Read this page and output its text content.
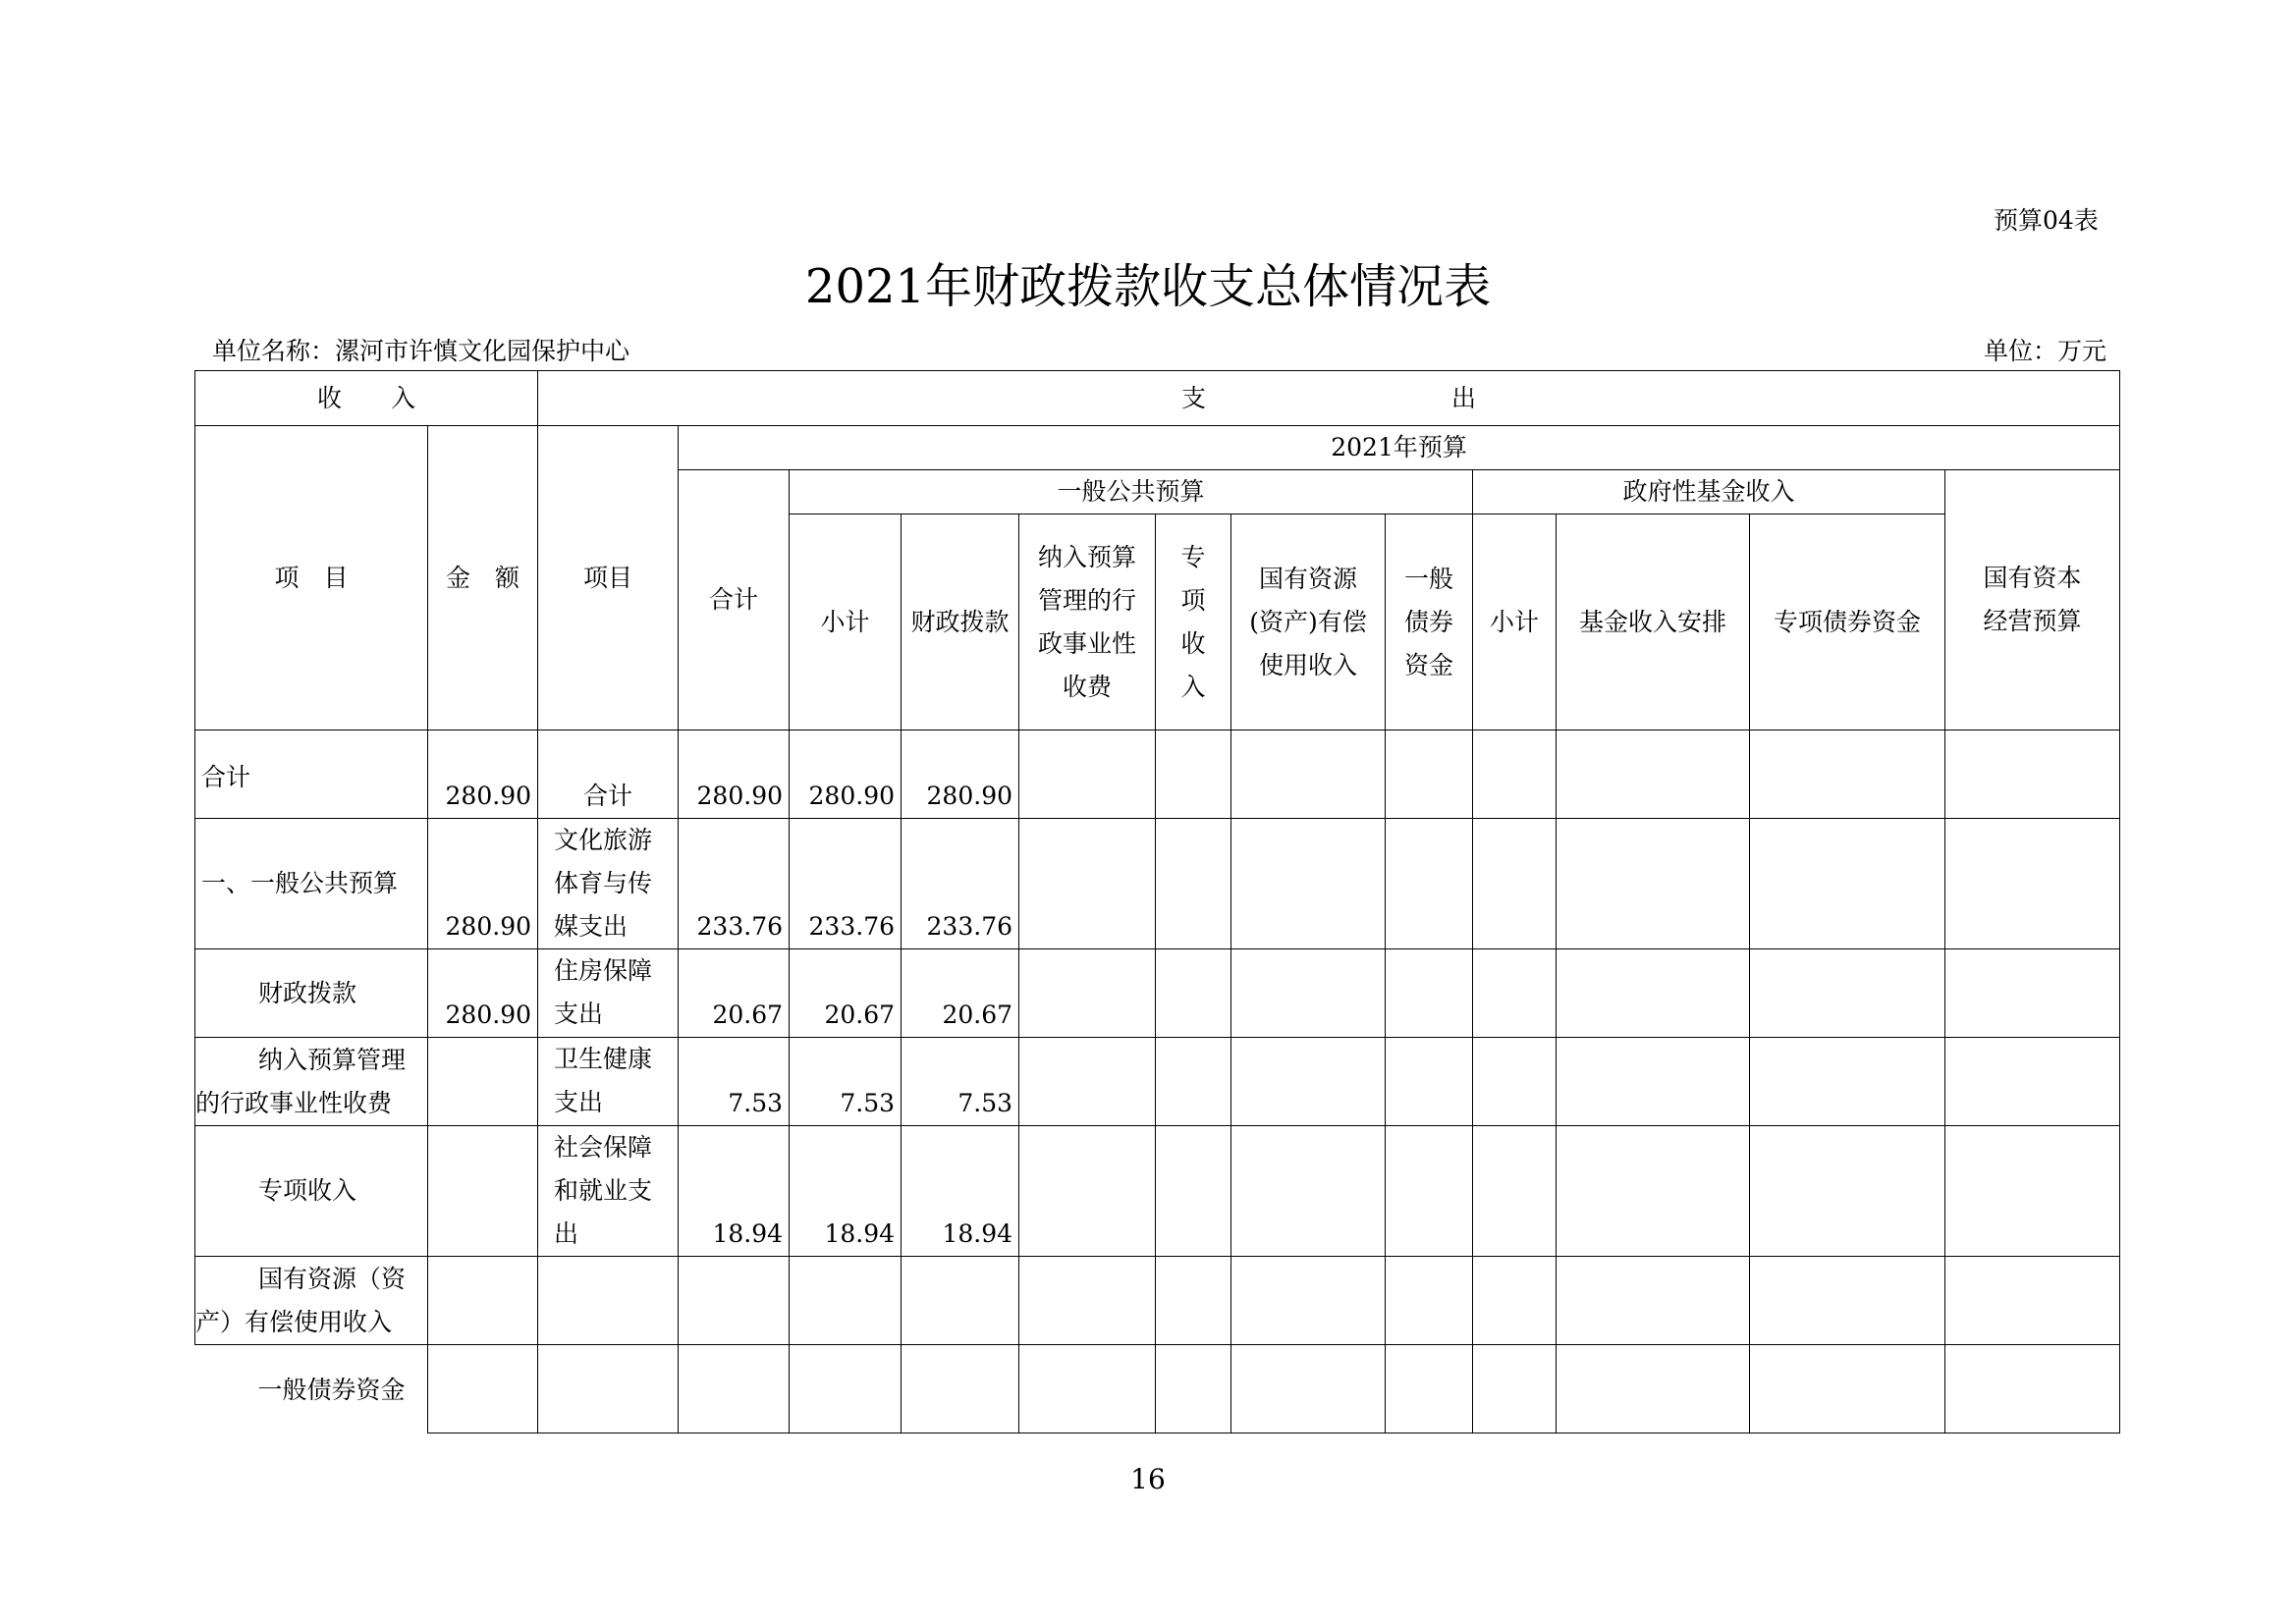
预算04表
2021年财政拨款收支总体情况表
单位名称：漯河市许慎文化园保护中心	单位：万元
收　　入		支　　　　　　　　　　出											
项　目	金　额	项目	2021年预算										
			合计	一般公共预算						政府性基金收入			国有资本经营预算
				小计	财政拨款	纳入预算管理的行政事业性收费	专项收入	国有资源(资产)有偿使用收入	一般债券资金	小计	基金收入安排	专项债券资金	

合计	280.90	合计	280.90	280.90	280.90								
一、一般公共预算	280.90	文化旅游体育与传媒支出	233.76	233.76	233.76								
财政拨款	280.90	住房保障支出	20.67	20.67	20.67								
纳入预算管理的行政事业性收费		卫生健康支出	7.53	7.53	7.53								
专项收入		社会保障和就业支出	18.94	18.94	18.94								
国有资源（资产）有偿使用收入													
一般债券资金													
16
